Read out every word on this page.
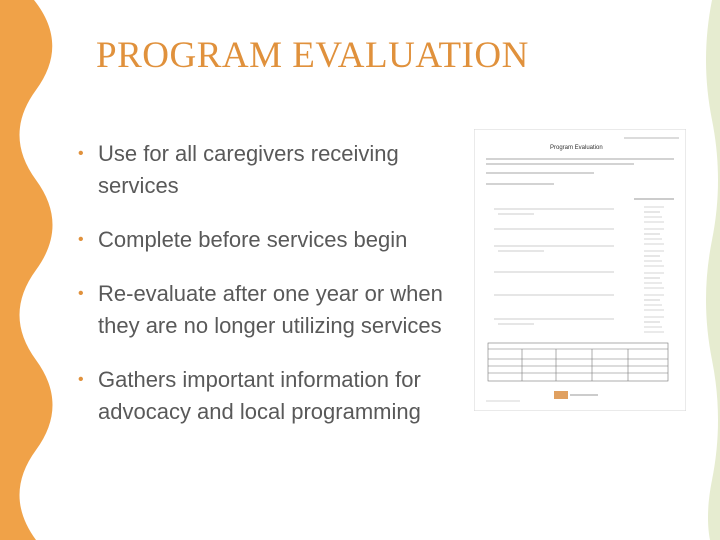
PROGRAM EVALUATION
• Use for all caregivers receiving services
• Complete before services begin
• Re-evaluate after one year or when they are no longer utilizing services
• Gathers important information for advocacy and local programming
Program Evaluation
